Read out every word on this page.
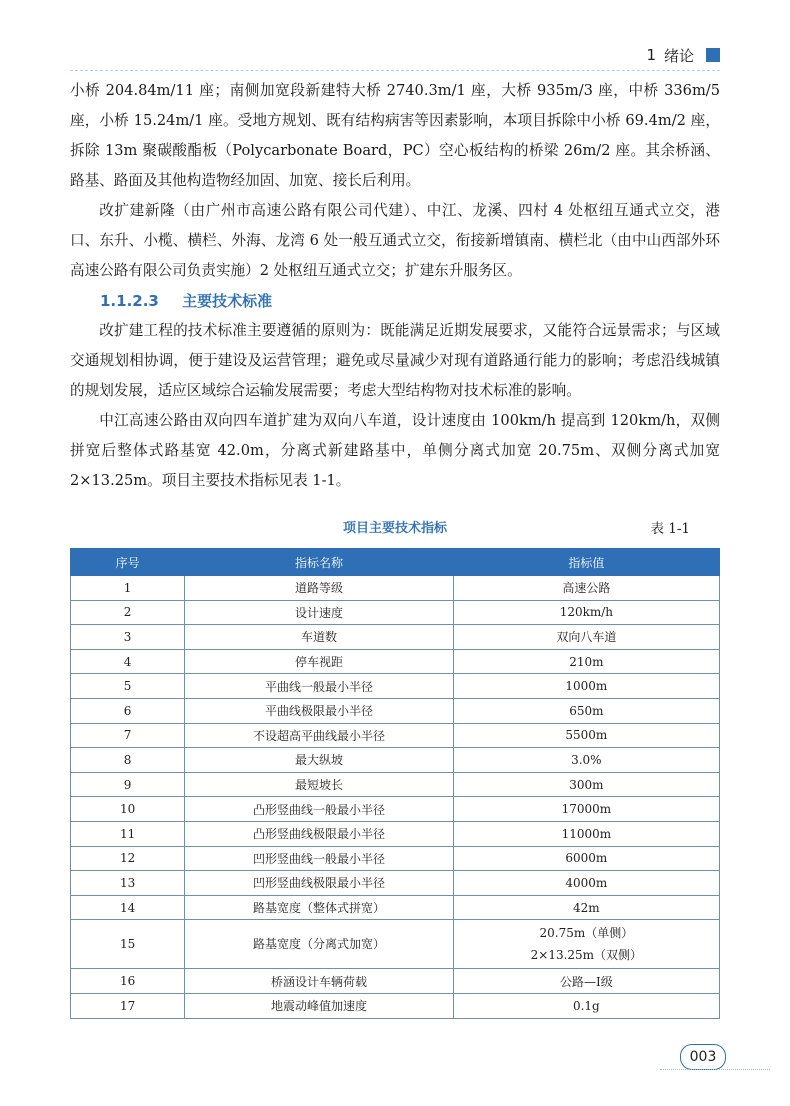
1 绪论

小桥 204.84m/11 座；南侧加宽段新建特大桥 2740.3m/1 座，大桥 935m/3 座，中桥 336m/5 座，小桥 15.24m/1 座。受地方规划、既有结构病害等因素影响，本项目拆除中小桥 69.4m/2 座，拆除 13m 聚碳酸酯板（Polycarbonate Board，PC）空心板结构的桥梁 26m/2 座。其余桥涵、路基、路面及其他构造物经加固、加宽、接长后利用。

改扩建新隆（由广州市高速公路有限公司代建）、中江、龙溪、四村 4 处枢纽互通式立交，港口、东升、小榄、横栏、外海、龙湾 6 处一般互通式立交，衔接新增镇南、横栏北（由中山西部外环高速公路有限公司负责实施）2 处枢纽互通式立交；扩建东升服务区。

1.1.2.3 主要技术标准

改扩建工程的技术标准主要遵循的原则为：既能满足近期发展要求，又能符合远景需求；与区域交通规划相协调，便于建设及运营管理；避免或尽量减少对现有道路通行能力的影响；考虑沿线城镇的规划发展，适应区域综合运输发展需要；考虑大型结构物对技术标准的影响。

中江高速公路由双向四车道扩建为双向八车道，设计速度由 100km/h 提高到 120km/h，双侧拼宽后整体式路基宽 42.0m，分离式新建路基中，单侧分离式加宽 20.75m、双侧分离式加宽 2×13.25m。项目主要技术指标见表 1-1。

项目主要技术指标	表 1-1
序号	指标名称	指标值
1	道路等级	高速公路
2	设计速度	120km/h
3	车道数	双向八车道
4	停车视距	210m
5	平曲线一般最小半径	1000m
6	平曲线极限最小半径	650m
7	不设超高平曲线最小半径	5500m
8	最大纵坡	3.0%
9	最短坡长	300m
10	凸形竖曲线一般最小半径	17000m
11	凸形竖曲线极限最小半径	11000m
12	凹形竖曲线一般最小半径	6000m
13	凹形竖曲线极限最小半径	4000m
14	路基宽度（整体式拼宽）	42m
15	路基宽度（分离式加宽）	20.75m（单侧）
2×13.25m（双侧）

16	桥涵设计车辆荷载	公路—Ⅰ级
17	地震动峰值加速度	0.1g
003
